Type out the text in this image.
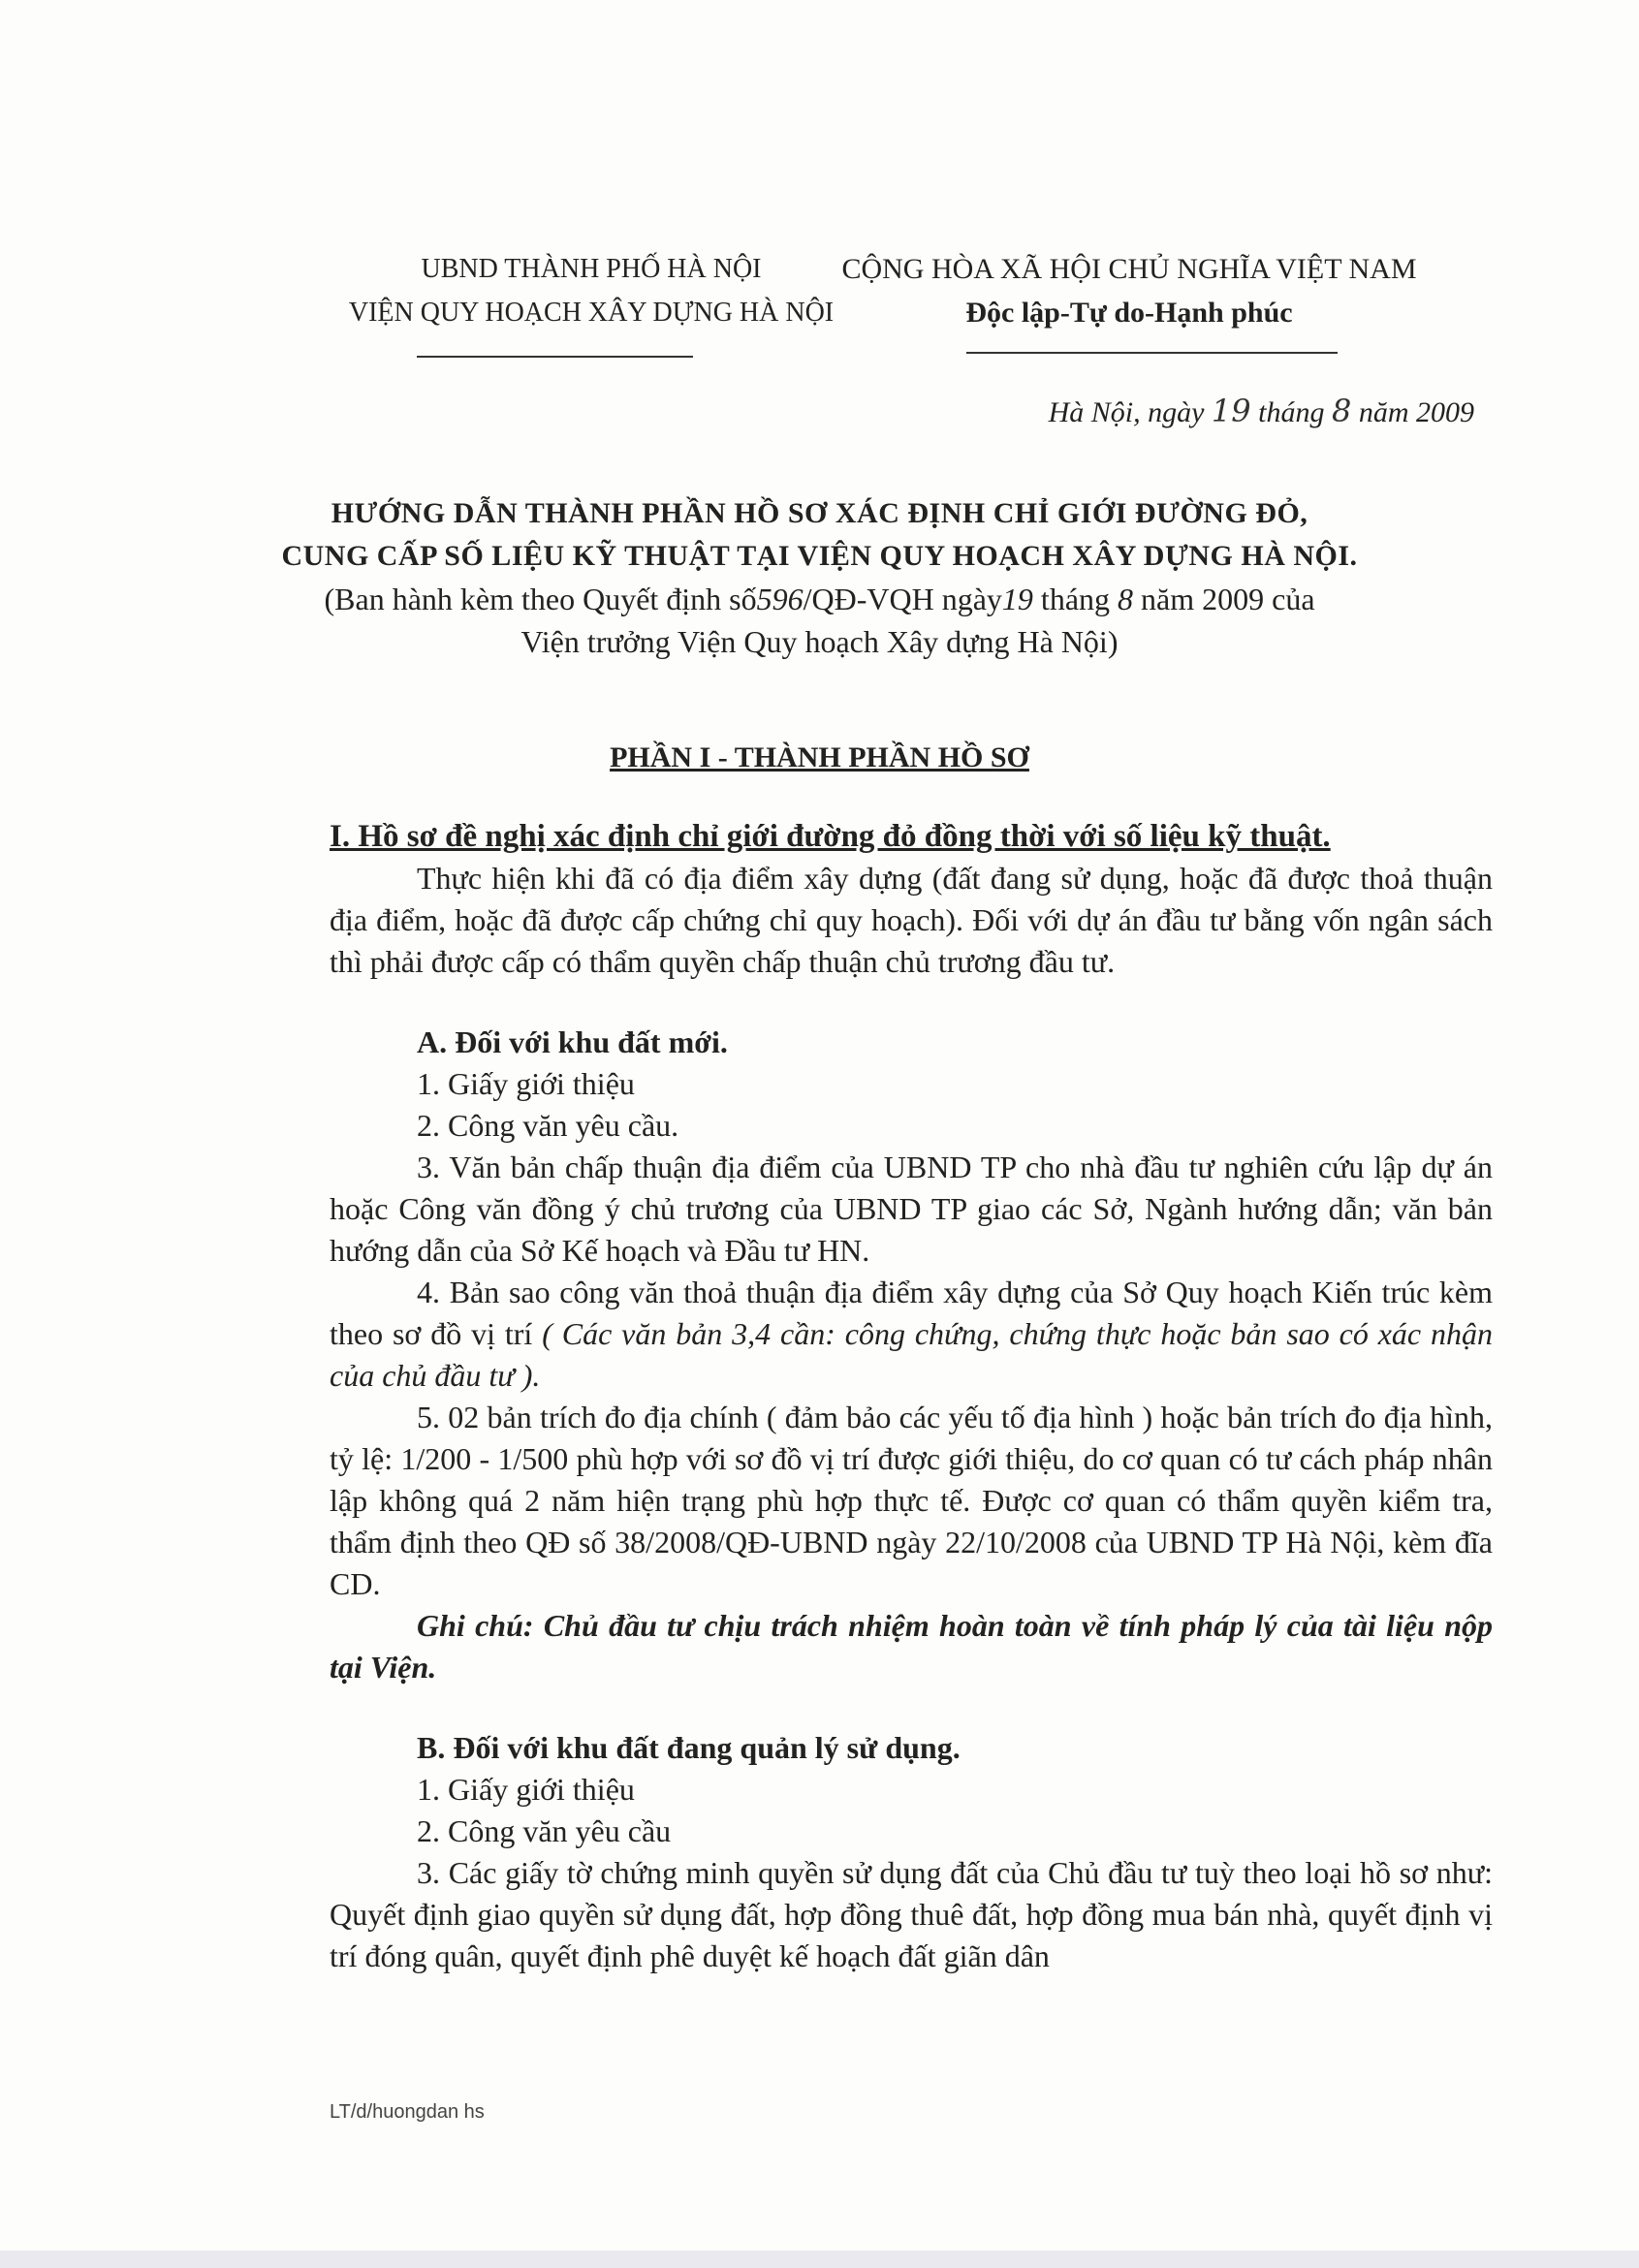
UBND THÀNH PHỐ HÀ NỘI
VIỆN QUY HOẠCH XÂY DỰNG HÀ NỘI
CỘNG HÒA XÃ HỘI CHỦ NGHĨA VIỆT NAM
Độc lập-Tự do-Hạnh phúc
Hà Nội, ngày 19 tháng 8 năm 2009
HƯỚNG DẪN THÀNH PHẦN HỒ SƠ XÁC ĐỊNH CHỈ GIỚI ĐƯỜNG ĐỎ,
CUNG CẤP SỐ LIỆU KỸ THUẬT TẠI VIỆN QUY HOẠCH XÂY DỰNG HÀ NỘI.
(Ban hành kèm theo Quyết định số596/QĐ-VQH ngày19 tháng 8 năm 2009 của
Viện trưởng Viện Quy hoạch Xây dựng Hà Nội)
PHẦN I - THÀNH PHẦN HỒ SƠ

I. Hồ sơ đề nghị xác định chỉ giới đường đỏ đồng thời với số liệu kỹ thuật.

Thực hiện khi đã có địa điểm xây dựng (đất đang sử dụng, hoặc đã được thoả thuận địa điểm, hoặc đã được cấp chứng chỉ quy hoạch). Đối với dự án đầu tư bằng vốn ngân sách thì phải được cấp có thẩm quyền chấp thuận chủ trương đầu tư.

A. Đối với khu đất mới.

1. Giấy giới thiệu

2. Công văn yêu cầu.

3. Văn bản chấp thuận địa điểm của UBND TP cho nhà đầu tư nghiên cứu lập dự án hoặc Công văn đồng ý chủ trương của UBND TP giao các Sở, Ngành hướng dẫn; văn bản hướng dẫn của Sở Kế hoạch và Đầu tư HN.

4. Bản sao công văn thoả thuận địa điểm xây dựng của Sở Quy hoạch Kiến trúc kèm theo sơ đồ vị trí ( Các văn bản 3,4 cần: công chứng, chứng thực hoặc bản sao có xác nhận của chủ đầu tư ).

5. 02 bản trích đo địa chính ( đảm bảo các yếu tố địa hình ) hoặc bản trích đo địa hình, tỷ lệ: 1/200 - 1/500 phù hợp với sơ đồ vị trí được giới thiệu, do cơ quan có tư cách pháp nhân lập không quá 2 năm hiện trạng phù hợp thực tế. Được cơ quan có thẩm quyền kiểm tra, thẩm định theo QĐ số 38/2008/QĐ-UBND ngày 22/10/2008 của UBND TP Hà Nội, kèm đĩa CD.

Ghi chú: Chủ đầu tư chịu trách nhiệm hoàn toàn về tính pháp lý của tài liệu nộp tại Viện.

B. Đối với khu đất đang quản lý sử dụng.

1. Giấy giới thiệu

2. Công văn yêu cầu

3. Các giấy tờ chứng minh quyền sử dụng đất của Chủ đầu tư tuỳ theo loại hồ sơ như: Quyết định giao quyền sử dụng đất, hợp đồng thuê đất, hợp đồng mua bán nhà, quyết định vị trí đóng quân, quyết định phê duyệt kế hoạch đất giãn dân

LT/d/huongdan hs
